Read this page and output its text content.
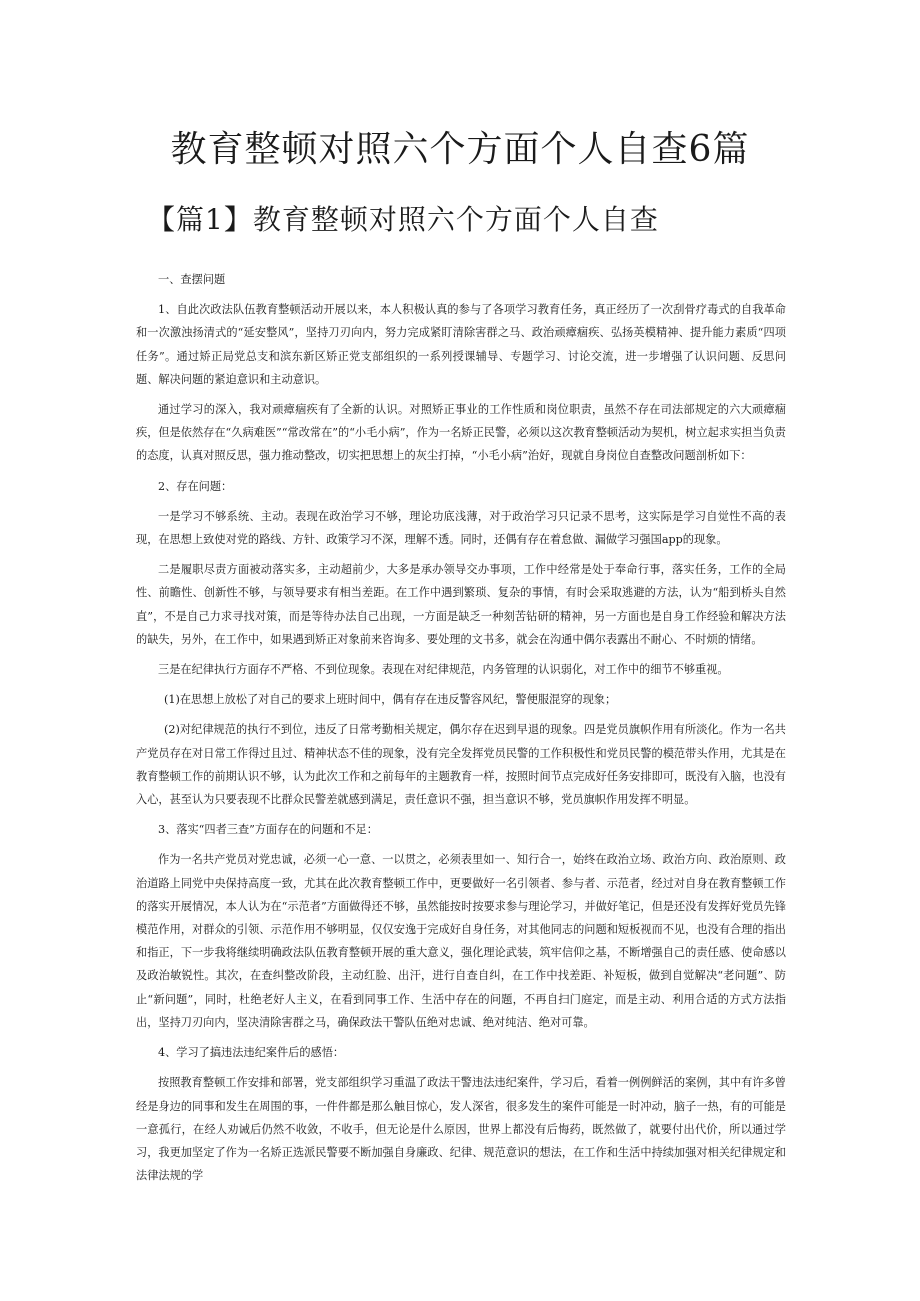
教育整顿对照六个方面个人自查6篇
【篇1】教育整顿对照六个方面个人自查

一、查摆问题

1、自此次政法队伍教育整顿活动开展以来，本人积极认真的参与了各项学习教育任务，真正经历了一次刮骨疗毒式的自我革命和一次激浊扬清式的“延安整风”，坚持刀刃向内，努力完成紧盯清除害群之马、政治顽瘴痼疾、弘扬英模精神、提升能力素质“四项任务”。通过矫正局党总支和滨东新区矫正党支部组织的一系列授课辅导、专题学习、讨论交流，进一步增强了认识问题、反思问题、解决问题的紧迫意识和主动意识。

通过学习的深入，我对顽瘴痼疾有了全新的认识。对照矫正事业的工作性质和岗位职责，虽然不存在司法部规定的六大顽瘴痼疾，但是依然存在“久病难医”“常改常在”的“小毛小病”，作为一名矫正民警，必须以这次教育整顿活动为契机，树立起求实担当负责的态度，认真对照反思，强力推动整改，切实把思想上的灰尘打掉，“小毛小病”治好，现就自身岗位自查整改问题剖析如下：

2、存在问题：

一是学习不够系统、主动。表现在政治学习不够，理论功底浅薄，对于政治学习只记录不思考，这实际是学习自觉性不高的表现，在思想上致使对党的路线、方针、政策学习不深，理解不透。同时，还偶有存在着怠做、漏做学习强国app的现象。

二是履职尽责方面被动落实多，主动超前少，大多是承办领导交办事项，工作中经常是处于奉命行事，落实任务，工作的全局性、前瞻性、创新性不够，与领导要求有相当差距。在工作中遇到繁琐、复杂的事情，有时会采取逃避的方法，认为“船到桥头自然直”，不是自己力求寻找对策，而是等待办法自己出现，一方面是缺乏一种刻苦钻研的精神，另一方面也是自身工作经验和解决方法的缺失，另外，在工作中，如果遇到矫正对象前来咨询多、要处理的文书多，就会在沟通中偶尔表露出不耐心、不时烦的情绪。

三是在纪律执行方面存不严格、不到位现象。表现在对纪律规范，内务管理的认识弱化，对工作中的细节不够重视。

(1)在思想上放松了对自己的要求上班时间中，偶有存在违反警容风纪，警便服混穿的现象；

(2)对纪律规范的执行不到位，违反了日常考勤相关规定，偶尔存在迟到早退的现象。四是党员旗帜作用有所淡化。作为一名共产党员存在对日常工作得过且过、精神状态不佳的现象，没有完全发挥党员民警的工作积极性和党员民警的模范带头作用，尤其是在教育整顿工作的前期认识不够，认为此次工作和之前每年的主题教育一样，按照时间节点完成好任务安排即可，既没有入脑，也没有入心，甚至认为只要表现不比群众民警差就感到满足，责任意识不强，担当意识不够，党员旗帜作用发挥不明显。

3、落实“四者三查”方面存在的问题和不足：

作为一名共产党员对党忠诚，必须一心一意、一以贯之，必须表里如一、知行合一，始终在政治立场、政治方向、政治原则、政治道路上同党中央保持高度一致，尤其在此次教育整顿工作中，更要做好一名引领者、参与者、示范者，经过对自身在教育整顿工作的落实开展情况，本人认为在“示范者”方面做得还不够，虽然能按时按要求参与理论学习，并做好笔记，但是还没有发挥好党员先锋模范作用，对群众的引领、示范作用不够明显，仅仅安逸于完成好自身任务，对其他同志的问题和短板视而不见，也没有合理的指出和指正，下一步我将继续明确政法队伍教育整顿开展的重大意义，强化理论武装，筑牢信仰之基，不断增强自己的责任感、使命感以及政治敏锐性。其次，在查纠整改阶段，主动红脸、出汗，进行自查自纠，在工作中找差距、补短板，做到自觉解决“老问题”、防止“新问题”，同时，杜绝老好人主义，在看到同事工作、生活中存在的问题，不再自扫门庭定，而是主动、利用合适的方式方法指出，坚持刀刃向内，坚决清除害群之马，确保政法干警队伍绝对忠诚、绝对纯洁、绝对可靠。

4、学习了搞违法违纪案件后的感悟：

按照教育整顿工作安排和部署，党支部组织学习重温了政法干警违法违纪案件，学习后，看着一例例鲜活的案例，其中有许多曾经是身边的同事和发生在周围的事，一件件都是那么触目惊心，发人深省，很多发生的案件可能是一时冲动，脑子一热，有的可能是一意孤行，在经人劝诫后仍然不收敛，不收手，但无论是什么原因，世界上都没有后悔药，既然做了，就要付出代价，所以通过学习，我更加坚定了作为一名矫正选派民警要不断加强自身廉政、纪律、规范意识的想法，在工作和生活中持续加强对相关纪律规定和法律法规的学
